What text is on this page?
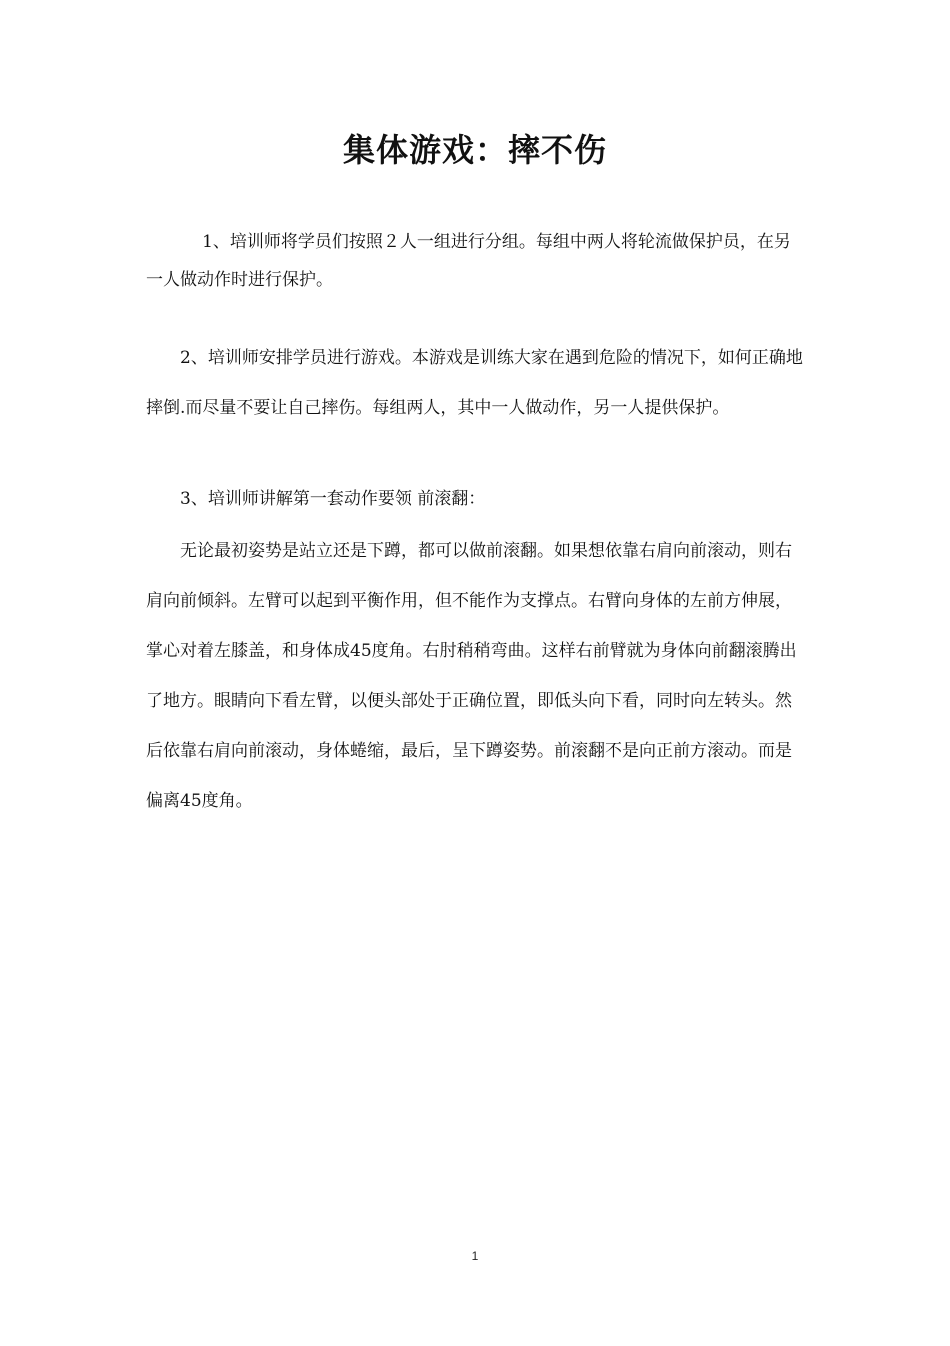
集体游戏：摔不伤

1、培训师将学员们按照２人一组进行分组。每组中两人将轮流做保护员，在另一人做动作时进行保护。

2、培训师安排学员进行游戏。本游戏是训练大家在遇到危险的情况下，如何正确地摔倒.而尽量不要让自己摔伤。每组两人，其中一人做动作，另一人提供保护。

3、培训师讲解第一套动作要领 前滚翻：

无论最初姿势是站立还是下蹲，都可以做前滚翻。如果想依靠右肩向前滚动，则右肩向前倾斜。左臂可以起到平衡作用，但不能作为支撑点。右臂向身体的左前方伸展，掌心对着左膝盖，和身体成45度角。右肘稍稍弯曲。这样右前臂就为身体向前翻滚腾出了地方。眼睛向下看左臂，以便头部处于正确位置，即低头向下看，同时向左转头。然后依靠右肩向前滚动，身体蜷缩，最后，呈下蹲姿势。前滚翻不是向正前方滚动。而是偏离45度角。

1
